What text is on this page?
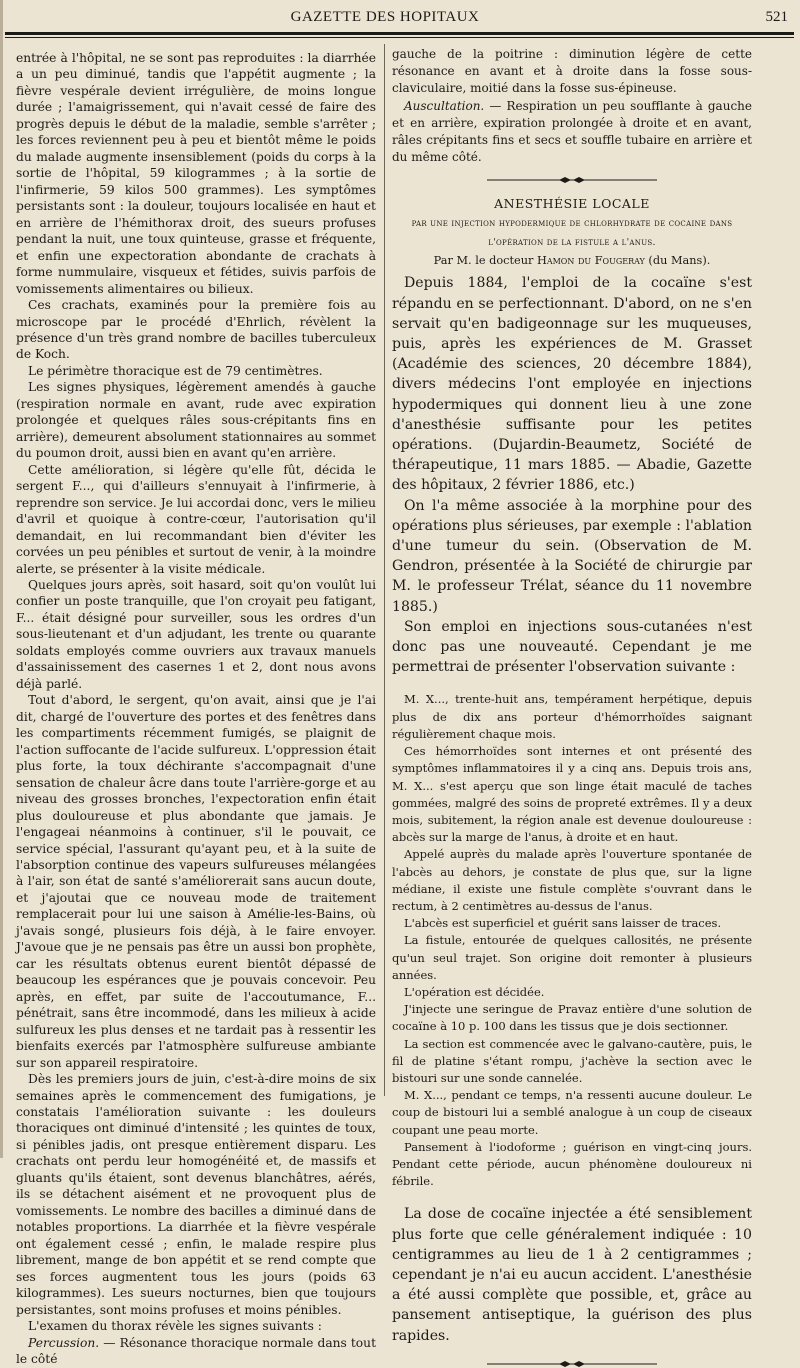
GAZETTE DES HOPITAUX	521

entrée à l'hôpital, ne se sont pas reproduites : la diarrhée a un peu diminué, tandis que l'appétit augmente ; la fièvre vespérale devient irrégulière, de moins longue durée ; l'amaigrissement, qui n'avait cessé de faire des progrès depuis le début de la maladie, semble s'arrêter ; les forces reviennent peu à peu et bientôt même le poids du malade augmente insensiblement (poids du corps à la sortie de l'hôpital, 59 kilogrammes ; à la sortie de l'infirmerie, 59 kilos 500 grammes). Les symptômes persistants sont : la douleur, toujours localisée en haut et en arrière de l'hémithorax droit, des sueurs profuses pendant la nuit, une toux quinteuse, grasse et fréquente, et enfin une expectoration abondante de crachats à forme nummulaire, visqueux et fétides, suivis parfois de vomissements alimentaires ou bilieux.

Ces crachats, examinés pour la première fois au microscope par le procédé d'Ehrlich, révèlent la présence d'un très grand nombre de bacilles tuberculeux de Koch.

Le périmètre thoracique est de 79 centimètres.

Les signes physiques, légèrement amendés à gauche (respiration normale en avant, rude avec expiration prolongée et quelques râles sous-crépitants fins en arrière), demeurent absolument stationnaires au sommet du poumon droit, aussi bien en avant qu'en arrière.

Cette amélioration, si légère qu'elle fût, décida le sergent F..., qui d'ailleurs s'ennuyait à l'infirmerie, à reprendre son service. Je lui accordai donc, vers le milieu d'avril et quoique à contre-cœur, l'autorisation qu'il demandait, en lui recommandant bien d'éviter les corvées un peu pénibles et surtout de venir, à la moindre alerte, se présenter à la visite médicale.

Quelques jours après, soit hasard, soit qu'on voulût lui confier un poste tranquille, que l'on croyait peu fatigant, F... était désigné pour surveiller, sous les ordres d'un sous-lieutenant et d'un adjudant, les trente ou quarante soldats employés comme ouvriers aux travaux manuels d'assainissement des casernes 1 et 2, dont nous avons déjà parlé.

Tout d'abord, le sergent, qu'on avait, ainsi que je l'ai dit, chargé de l'ouverture des portes et des fenêtres dans les compartiments récemment fumigés, se plaignit de l'action suffocante de l'acide sulfureux. L'oppression était plus forte, la toux déchirante s'accompagnait d'une sensation de chaleur âcre dans toute l'arrière-gorge et au niveau des grosses bronches, l'expectoration enfin était plus douloureuse et plus abondante que jamais. Je l'engageai néanmoins à continuer, s'il le pouvait, ce service spécial, l'assurant qu'ayant peu, et à la suite de l'absorption continue des vapeurs sulfureuses mélangées à l'air, son état de santé s'améliorerait sans aucun doute, et j'ajoutai que ce nouveau mode de traitement remplacerait pour lui une saison à Amélie-les-Bains, où j'avais songé, plusieurs fois déjà, à le faire envoyer. J'avoue que je ne pensais pas être un aussi bon prophète, car les résultats obtenus eurent bientôt dépassé de beaucoup les espérances que je pouvais concevoir. Peu après, en effet, par suite de l'accoutumance, F... pénétrait, sans être incommodé, dans les milieux à acide sulfureux les plus denses et ne tardait pas à ressentir les bienfaits exercés par l'atmosphère sulfureuse ambiante sur son appareil respiratoire.

Dès les premiers jours de juin, c'est-à-dire moins de six semaines après le commencement des fumigations, je constatais l'amélioration suivante : les douleurs thoraciques ont diminué d'intensité ; les quintes de toux, si pénibles jadis, ont presque entièrement disparu. Les crachats ont perdu leur homogénéité et, de massifs et gluants qu'ils étaient, sont devenus blanchâtres, aérés, ils se détachent aisément et ne provoquent plus de vomissements. Le nombre des bacilles a diminué dans de notables proportions. La diarrhée et la fièvre vespérale ont également cessé ; enfin, le malade respire plus librement, mange de bon appétit et se rend compte que ses forces augmentent tous les jours (poids 63 kilogrammes). Les sueurs nocturnes, bien que toujours persistantes, sont moins profuses et moins pénibles.

L'examen du thorax révèle les signes suivants :

Percussion. — Résonance thoracique normale dans tout le côté

gauche de la poitrine : diminution légère de cette résonance en avant et à droite dans la fosse sous-claviculaire, moitié dans la fosse sus-épineuse.

Auscultation. — Respiration un peu soufflante à gauche et en arrière, expiration prolongée à droite et en avant, râles crépitants fins et secs et souffle tubaire en arrière et du même côté.

ANESTHÉSIE LOCALE
par une injection hypodermique de chlorhydrate de cocaine dans
l'opération de la fistule a l'anus.
Par M. le docteur Hamon du Fougeray (du Mans).

Depuis 1884, l'emploi de la cocaïne s'est répandu en se perfectionnant. D'abord, on ne s'en servait qu'en badigeonnage sur les muqueuses, puis, après les expériences de M. Grasset (Académie des sciences, 20 décembre 1884), divers médecins l'ont employée en injections hypodermiques qui donnent lieu à une zone d'anesthésie suffisante pour les petites opérations. (Dujardin-Beaumetz, Société de thérapeutique, 11 mars 1885. — Abadie, Gazette des hôpitaux, 2 février 1886, etc.)

On l'a même associée à la morphine pour des opérations plus sérieuses, par exemple : l'ablation d'une tumeur du sein. (Observation de M. Gendron, présentée à la Société de chirurgie par M. le professeur Trélat, séance du 11 novembre 1885.)

Son emploi en injections sous-cutanées n'est donc pas une nouveauté. Cependant je me permettrai de présenter l'observation suivante :

M. X..., trente-huit ans, tempérament herpétique, depuis plus de dix ans porteur d'hémorrhoïdes saignant régulièrement chaque mois.

Ces hémorrhoïdes sont internes et ont présenté des symptômes inflammatoires il y a cinq ans. Depuis trois ans, M. X... s'est aperçu que son linge était maculé de taches gommées, malgré des soins de propreté extrêmes. Il y a deux mois, subitement, la région anale est devenue douloureuse : abcès sur la marge de l'anus, à droite et en haut.

Appelé auprès du malade après l'ouverture spontanée de l'abcès au dehors, je constate de plus que, sur la ligne médiane, il existe une fistule complète s'ouvrant dans le rectum, à 2 centimètres au-dessus de l'anus.

L'abcès est superficiel et guérit sans laisser de traces.

La fistule, entourée de quelques callosités, ne présente qu'un seul trajet. Son origine doit remonter à plusieurs années.

L'opération est décidée.

J'injecte une seringue de Pravaz entière d'une solution de cocaïne à 10 p. 100 dans les tissus que je dois sectionner.

La section est commencée avec le galvano-cautère, puis, le fil de platine s'étant rompu, j'achève la section avec le bistouri sur une sonde cannelée.

M. X..., pendant ce temps, n'a ressenti aucune douleur. Le coup de bistouri lui a semblé analogue à un coup de ciseaux coupant une peau morte.

Pansement à l'iodoforme ; guérison en vingt-cinq jours. Pendant cette période, aucun phénomène douloureux ni fébrile.

La dose de cocaïne injectée a été sensiblement plus forte que celle généralement indiquée : 10 centigrammes au lieu de 1 à 2 centigrammes ; cependant je n'ai eu aucun accident. L'anesthésie a été aussi complète que possible, et, grâce au pansement antiseptique, la guérison des plus rapides.
